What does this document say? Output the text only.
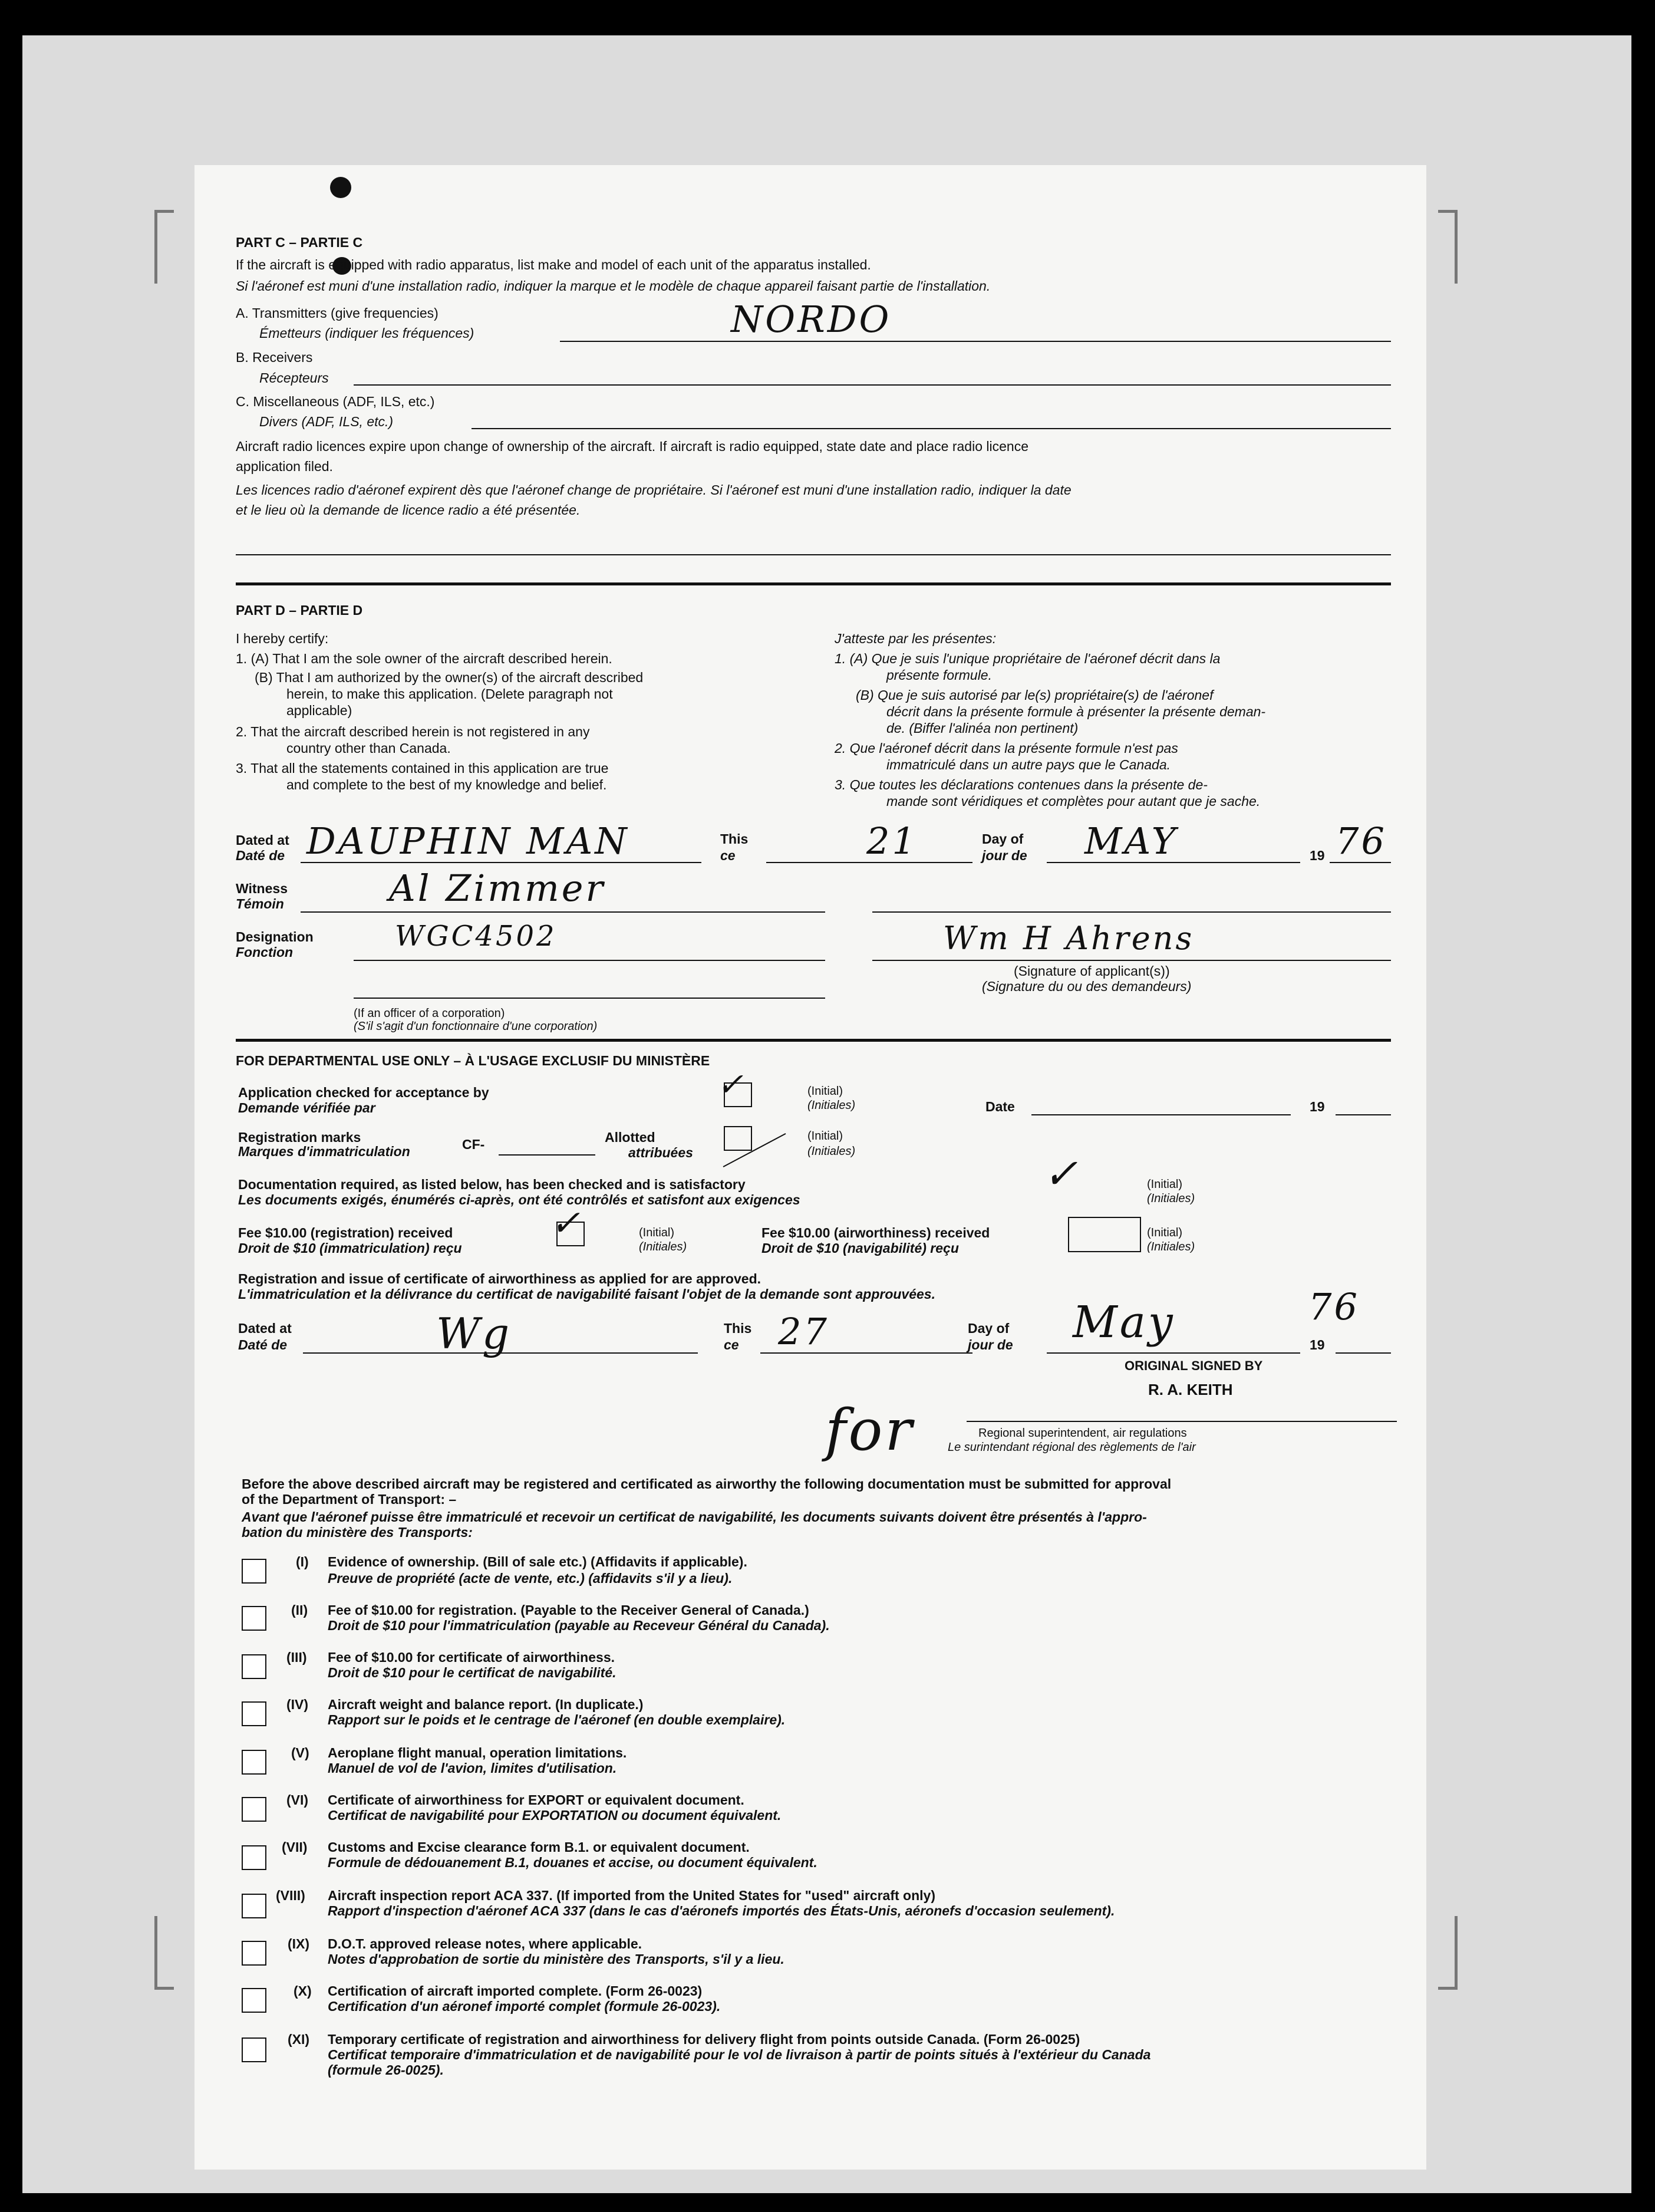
PART C – PARTIE C
If the aircraft is equipped with radio apparatus, list make and model of each unit of the apparatus installed.
Si l'aéronef est muni d'une installation radio, indiquer la marque et le modèle de chaque appareil faisant partie de l'installation.
A. Transmitters (give frequencies)
Émetteurs (indiquer les fréquences)	NORDO
B. Receivers
Récepteurs
C. Miscellaneous (ADF, ILS, etc.)
Divers (ADF, ILS, etc.)
Aircraft radio licences expire upon change of ownership of the aircraft. If aircraft is radio equipped, state date and place radio licence
application filed.
Les licences radio d'aéronef expirent dès que l'aéronef change de propriétaire. Si l'aéronef est muni d'une installation radio, indiquer la date
et le lieu où la demande de licence radio a été présentée.
PART D – PARTIE D
I hereby certify:
1. (A) That I am the sole owner of the aircraft described herein.
(B) That I am authorized by the owner(s) of the aircraft described
herein, to make this application. (Delete paragraph not
applicable)
2. That the aircraft described herein is not registered in any
country other than Canada.
3. That all the statements contained in this application are true
and complete to the best of my knowledge and belief.
J'atteste par les présentes:
1. (A) Que je suis l'unique propriétaire de l'aéronef décrit dans la
présente formule.
(B) Que je suis autorisé par le(s) propriétaire(s) de l'aéronef
décrit dans la présente formule à présenter la présente deman-
de. (Biffer l'alinéa non pertinent)
2. Que l'aéronef décrit dans la présente formule n'est pas
immatriculé dans un autre pays que le Canada.
3. Que toutes les déclarations contenues dans la présente de-
mande sont véridiques et complètes pour autant que je sache.
Dated at
Daté de DAUPHIN MAN	This
ce	21	Day of
jour de MAY	19 76
Witness
Témoin	Al Zimmer
Designation
Fonction	WGC4502	Wm H Ahrens
(Signature of applicant(s))
(Signature du ou des demandeurs)
(If an officer of a corporation)
(S'il s'agit d'un fonctionnaire d'une corporation)
FOR DEPARTMENTAL USE ONLY – À L'USAGE EXCLUSIF DU MINISTÈRE
Application checked for acceptance by
Demande vérifiée par
✓	(Initial)
(Initiales)	Date	19
Registration marks
Marques d'immatriculation	CF-	Allotted
attribuées
(Initial)
(Initiales)
Documentation required, as listed below, has been checked and is satisfactory
Les documents exigés, énumérés ci-après, ont été contrôlés et satisfont aux exigences
✓	(Initial)
(Initiales)
Fee $10.00 (registration) received
Droit de $10 (immatriculation) reçu
✓	(Initial)
(Initiales)
Fee $10.00 (airworthiness) received
Droit de $10 (navigabilité) reçu
(Initial)
(Initiales)
Registration and issue of certificate of airworthiness as applied for are approved.
L'immatriculation et la délivrance du certificat de navigabilité faisant l'objet de la demande sont approuvées.
Dated at
Daté de	Wg	This
ce 27	Day of
jour de May	19
76
ORIGINAL SIGNED BY
R. A. KEITH
for	Regional superintendent, air regulations
Le surintendant régional des règlements de l'air
Before the above described aircraft may be registered and certificated as airworthy the following documentation must be submitted for approval
of the Department of Transport: –
Avant que l'aéronef puisse être immatriculé et recevoir un certificat de navigabilité, les documents suivants doivent être présentés à l'appro-
bation du ministère des Transports:
(I) Evidence of ownership. (Bill of sale etc.) (Affidavits if applicable).
Preuve de propriété (acte de vente, etc.) (affidavits s'il y a lieu).
(II) Fee of $10.00 for registration. (Payable to the Receiver General of Canada.)
Droit de $10 pour l'immatriculation (payable au Receveur Général du Canada).
(III) Fee of $10.00 for certificate of airworthiness.
Droit de $10 pour le certificat de navigabilité.
(IV) Aircraft weight and balance report. (In duplicate.)
Rapport sur le poids et le centrage de l'aéronef (en double exemplaire).
(V) Aeroplane flight manual, operation limitations.
Manuel de vol de l'avion, limites d'utilisation.
(VI) Certificate of airworthiness for EXPORT or equivalent document.
Certificat de navigabilité pour EXPORTATION ou document équivalent.
(VII) Customs and Excise clearance form B.1. or equivalent document.
Formule de dédouanement B.1, douanes et accise, ou document équivalent.
(VIII) Aircraft inspection report ACA 337. (If imported from the United States for "used" aircraft only)
Rapport d'inspection d'aéronef ACA 337 (dans le cas d'aéronefs importés des États-Unis, aéronefs d'occasion seulement).
(IX) D.O.T. approved release notes, where applicable.
Notes d'approbation de sortie du ministère des Transports, s'il y a lieu.
(X) Certification of aircraft imported complete. (Form 26-0023)
Certification d'un aéronef importé complet (formule 26-0023).
(XI) Temporary certificate of registration and airworthiness for delivery flight from points outside Canada. (Form 26-0025)
Certificat temporaire d'immatriculation et de navigabilité pour le vol de livraison à partir de points situés à l'extérieur du Canada
(formule 26-0025).
